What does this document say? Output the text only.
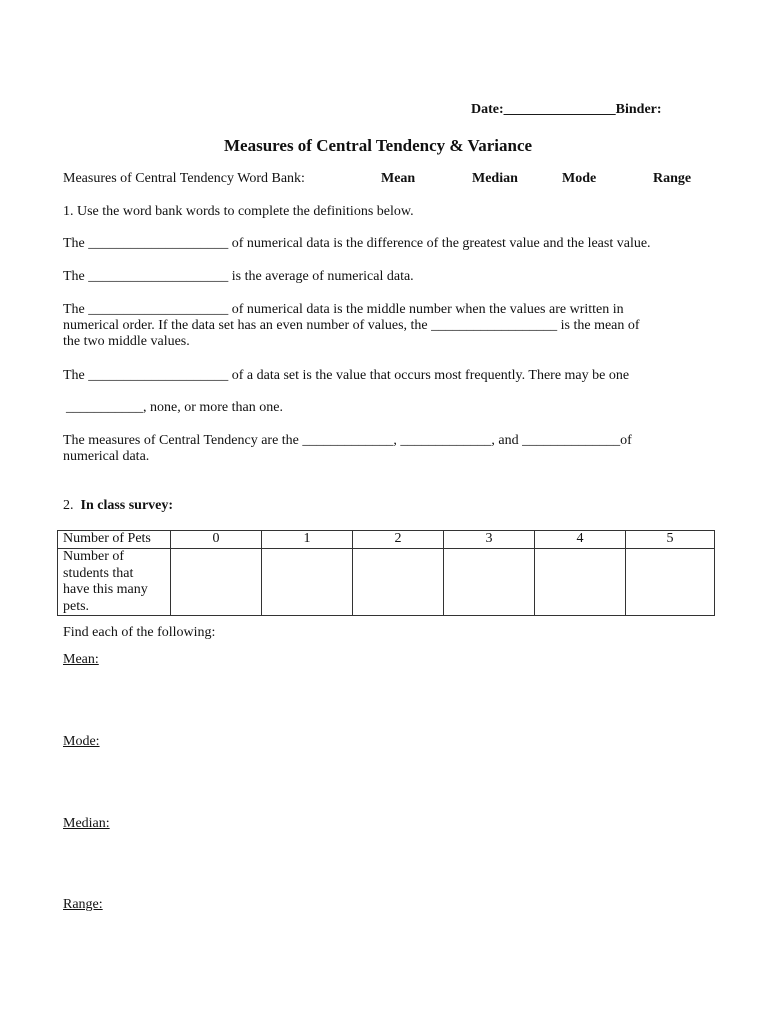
Date:________________Binder:
Measures of Central Tendency & Variance
Measures of Central Tendency Word Bank:	Mean	Median	Mode	Range
1. Use the word bank words to complete the definitions below.
The ____________________ of numerical data is the difference of the greatest value and the least value.
The ____________________ is the average of numerical data.
The ____________________ of numerical data is the middle number when the values are written in
numerical order. If the data set has an even number of values, the __________________ is the mean of
the two middle values.
The ____________________ of a data set is the value that occurs most frequently. There may be one
___________, none, or more than one.
The measures of Central Tendency are the _____________, _____________, and ______________of
numerical data.
2. In class survey:
Number of Pets	0	1	2	3	4	5
Number of students that have this many pets.						
Find each of the following:
Mean:
Mode:
Median:
Range:
